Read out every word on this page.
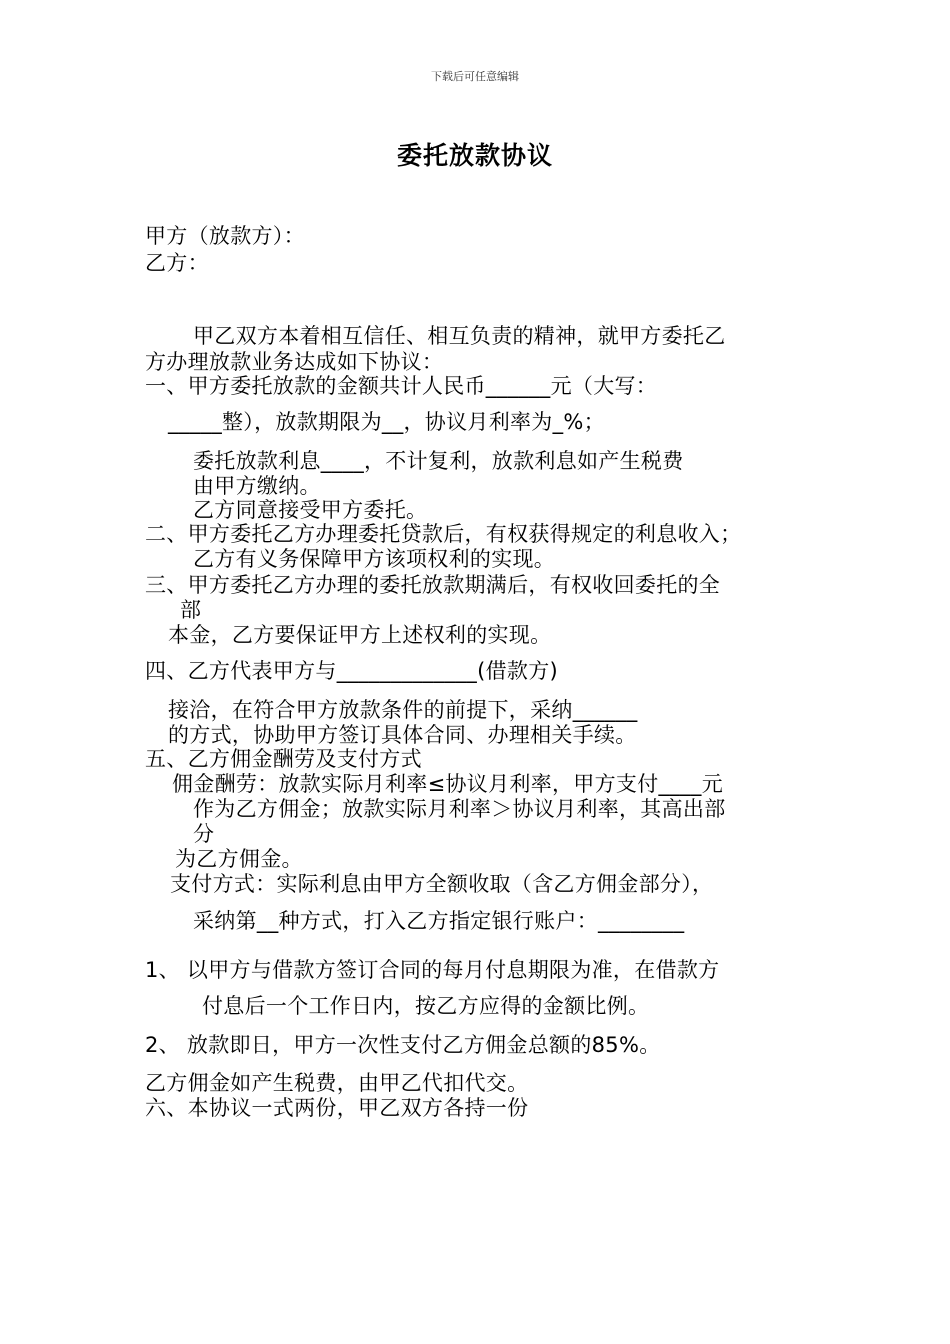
下载后可任意编辑
委托放款协议
甲方（放款方）：
乙方：
甲乙双方本着相互信任、相互负责的精神，就甲方委托乙
方办理放款业务达成如下协议：
一、甲方委托放款的金额共计人民币______元（大写：
_____整），放款期限为__，协议月利率为_%；
委托放款利息____，不计复利，放款利息如产生税费
由甲方缴纳。
乙方同意接受甲方委托。
二、甲方委托乙方办理委托贷款后，有权获得规定的利息收入；
乙方有义务保障甲方该项权利的实现。
三、甲方委托乙方办理的委托放款期满后，有权收回委托的全
部
本金，乙方要保证甲方上述权利的实现。
四、乙方代表甲方与_____________(借款方)
接洽，在符合甲方放款条件的前提下，采纳______
的方式，协助甲方签订具体合同、办理相关手续。
五、乙方佣金酬劳及支付方式
佣金酬劳：放款实际月利率≤协议月利率，甲方支付____元
作为乙方佣金；放款实际月利率＞协议月利率，其高出部
分
为乙方佣金。
支付方式：实际利息由甲方全额收取（含乙方佣金部分），
采纳第__种方式，打入乙方指定银行账户：________
1、 以甲方与借款方签订合同的每月付息期限为准，在借款方
付息后一个工作日内，按乙方应得的金额比例。
2、 放款即日，甲方一次性支付乙方佣金总额的85%。
乙方佣金如产生税费，由甲乙代扣代交。
六、本协议一式两份，甲乙双方各持一份
